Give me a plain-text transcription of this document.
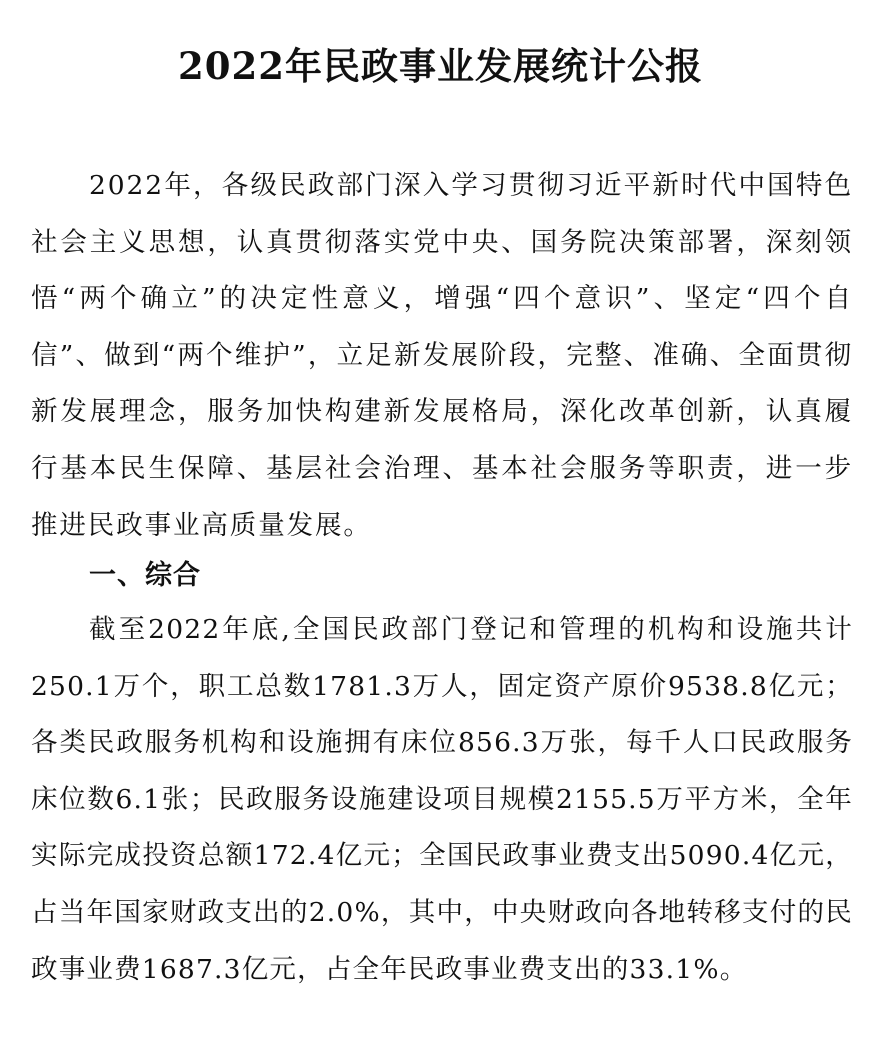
2022年民政事业发展统计公报

2022年，各级民政部门深入学习贯彻习近平新时代中国特色社会主义思想，认真贯彻落实党中央、国务院决策部署，深刻领悟“两个确立”的决定性意义，增强“四个意识”、坚定“四个自信”、做到“两个维护”，立足新发展阶段，完整、准确、全面贯彻新发展理念，服务加快构建新发展格局，深化改革创新，认真履行基本民生保障、基层社会治理、基本社会服务等职责，进一步推进民政事业高质量发展。

一、综合

截至2022年底,全国民政部门登记和管理的机构和设施共计250.1万个，职工总数1781.3万人，固定资产原价9538.8亿元；各类民政服务机构和设施拥有床位856.3万张，每千人口民政服务床位数6.1张；民政服务设施建设项目规模2155.5万平方米，全年实际完成投资总额172.4亿元；全国民政事业费支出5090.4亿元，占当年国家财政支出的2.0%，其中，中央财政向各地转移支付的民政事业费1687.3亿元，占全年民政事业费支出的33.1%。
